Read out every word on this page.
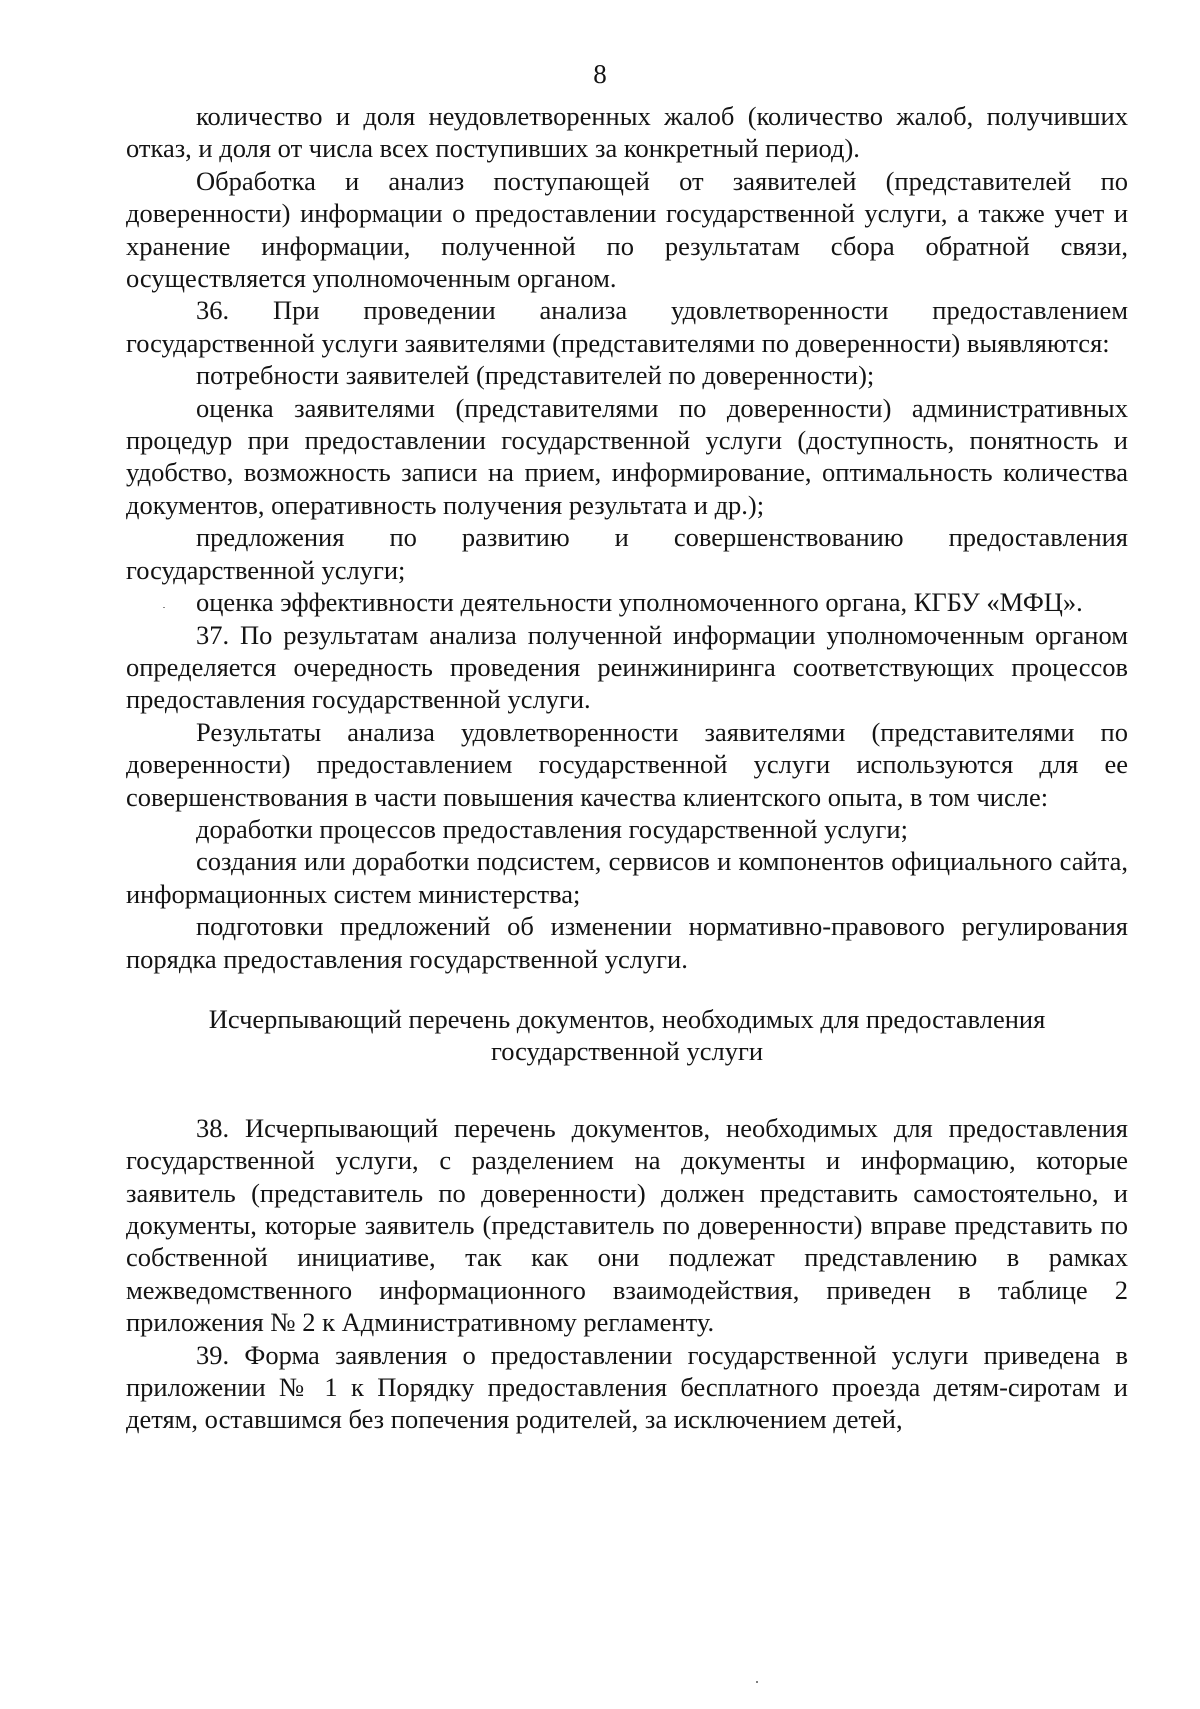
8

количество и доля неудовлетворенных жалоб (количество жалоб, получивших отказ, и доля от числа всех поступивших за конкретный период).

Обработка и анализ поступающей от заявителей (представителей по доверенности) информации о предоставлении государственной услуги, а также учет и хранение информации, полученной по результатам сбора обратной связи, осуществляется уполномоченным органом.

36. При проведении анализа удовлетворенности предоставлением государственной услуги заявителями (представителями по доверенности) выявляются:

потребности заявителей (представителей по доверенности);

оценка заявителями (представителями по доверенности) административных процедур при предоставлении государственной услуги (доступность, понятность и удобство, возможность записи на прием, информирование, оптимальность количества документов, оперативность получения результата и др.);

предложения по развитию и совершенствованию предоставления государственной услуги;

оценка эффективности деятельности уполномоченного органа, КГБУ «МФЦ».

37. По результатам анализа полученной информации уполномоченным органом определяется очередность проведения реинжиниринга соответствующих процессов предоставления государственной услуги.

Результаты анализа удовлетворенности заявителями (представителями по доверенности) предоставлением государственной услуги используются для ее совершенствования в части повышения качества клиентского опыта, в том числе:

доработки процессов предоставления государственной услуги;

создания или доработки подсистем, сервисов и компонентов официального сайта, информационных систем министерства;

подготовки предложений об изменении нормативно-правового регулирования порядка предоставления государственной услуги.

Исчерпывающий перечень документов, необходимых для предоставления
государственной услуги

38. Исчерпывающий перечень документов, необходимых для предоставления государственной услуги, с разделением на документы и информацию, которые заявитель (представитель по доверенности) должен представить самостоятельно, и документы, которые заявитель (представитель по доверенности) вправе представить по собственной инициативе, так как они подлежат представлению в рамках межведомственного информационного взаимодействия, приведен в таблице 2 приложения № 2 к Административному регламенту.

39. Форма заявления о предоставлении государственной услуги приведена в приложении № 1 к Порядку предоставления бесплатного проезда детям-сиротам и детям, оставшимся без попечения родителей, за исключением детей,
